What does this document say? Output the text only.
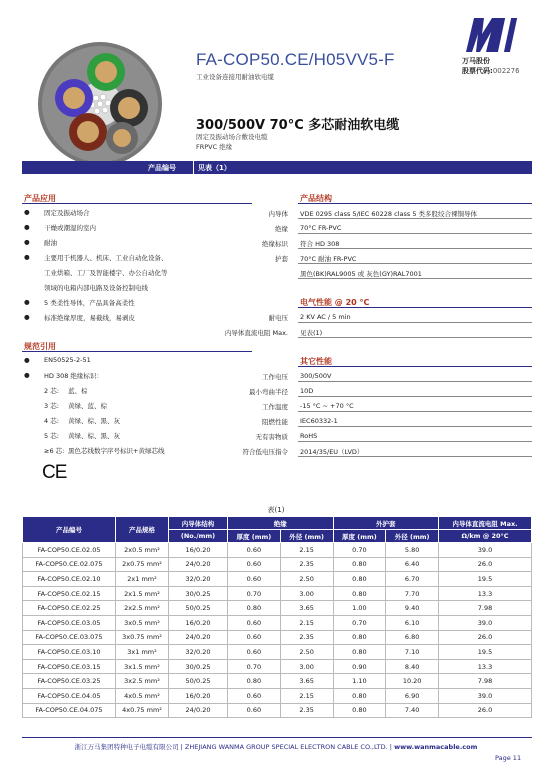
FA-COP50.CE/H05VV5-F
工业设备连接用耐油软电缆
万马股份
股票代码:002276
300/500V 70°C 多芯耐油软电缆
固定及振动场合敷设电缆
FRPVC 绝缘
产品编号	见表（1）
产品应用
● 固定及振动场合
● 干燥或潮湿的室内
● 耐油
● 主要用于机器人、机床、工业自动化设备、
工业烘箱、工厂及智能楼宇、办公自动化等
领域的电箱内部电路及设备控制电线
● 5 类柔性导体，产品具备高柔性
● 标准绝缘厚度，易截线，易剥皮
规范引用
● EN50525-2-51
● HD 308 绝缘标识：
2 芯: 蓝、棕
3 芯: 黄绿、蓝、棕
4 芯: 黄绿、棕、黑、灰
5 芯: 黄绿、棕、黑、灰
≥6 芯: 黑色芯线数字序号标识+黄绿芯线
CE
产品结构
内导体 VDE 0295 class 5/IEC 60228 class 5 类多股绞合裸铜导体
绝缘 70°C FR-PVC
绝缘标识 符合 HD 308
护套 70°C 耐油 FR-PVC
黑色(BK)RAL9005 或 灰色(GY)RAL7001
电气性能 @ 20 °C
耐电压 2 KV AC / 5 min
内导体直流电阻 Max. 见表(1)
其它性能
工作电压 300/500V
最小弯曲半径 10D
工作温度 -15 °C ~ +70 °C
阻燃性能 IEC60332-1
无有害物质 RoHS
符合低电压指令 2014/35/EU（LVD）
表(1)
产品编号	产品规格	内导体结构	绝缘		外护套		内导体直流电阻 Max.
		(No./mm)	厚度 (mm)	外径 (mm)	厚度 (mm)	外径 (mm)	Ω/km @ 20°C
FA-COP50.CE.02.05	2x0.5 mm²	16/0.20	0.60	2.15	0.70	5.80	39.0
FA-COP50.CE.02.075	2x0.75 mm²	24/0.20	0.60	2.35	0.80	6.40	26.0
FA-COP50.CE.02.10	2x1 mm²	32/0.20	0.60	2.50	0.80	6.70	19.5
FA-COP50.CE.02.15	2x1.5 mm²	30/0.25	0.70	3.00	0.80	7.70	13.3
FA-COP50.CE.02.25	2x2.5 mm²	50/0.25	0.80	3.65	1.00	9.40	7.98
FA-COP50.CE.03.05	3x0.5 mm²	16/0.20	0.60	2.15	0.70	6.10	39.0
FA-COP50.CE.03.075	3x0.75 mm²	24/0.20	0.60	2.35	0.80	6.80	26.0
FA-COP50.CE.03.10	3x1 mm²	32/0.20	0.60	2.50	0.80	7.10	19.5
FA-COP50.CE.03.15	3x1.5 mm²	30/0.25	0.70	3.00	0.90	8.40	13.3
FA-COP50.CE.03.25	3x2.5 mm²	50/0.25	0.80	3.65	1.10	10.20	7.98
FA-COP50.CE.04.05	4x0.5 mm²	16/0.20	0.60	2.15	0.80	6.90	39.0
FA-COP50.CE.04.075	4x0.75 mm²	24/0.20	0.60	2.35	0.80	7.40	26.0
浙江万马集团特种电子电缆有限公司 | ZHEJIANG WANMA GROUP SPECIAL ELECTRON CABLE CO.,LTD. | www.wanmacable.com
Page 11
